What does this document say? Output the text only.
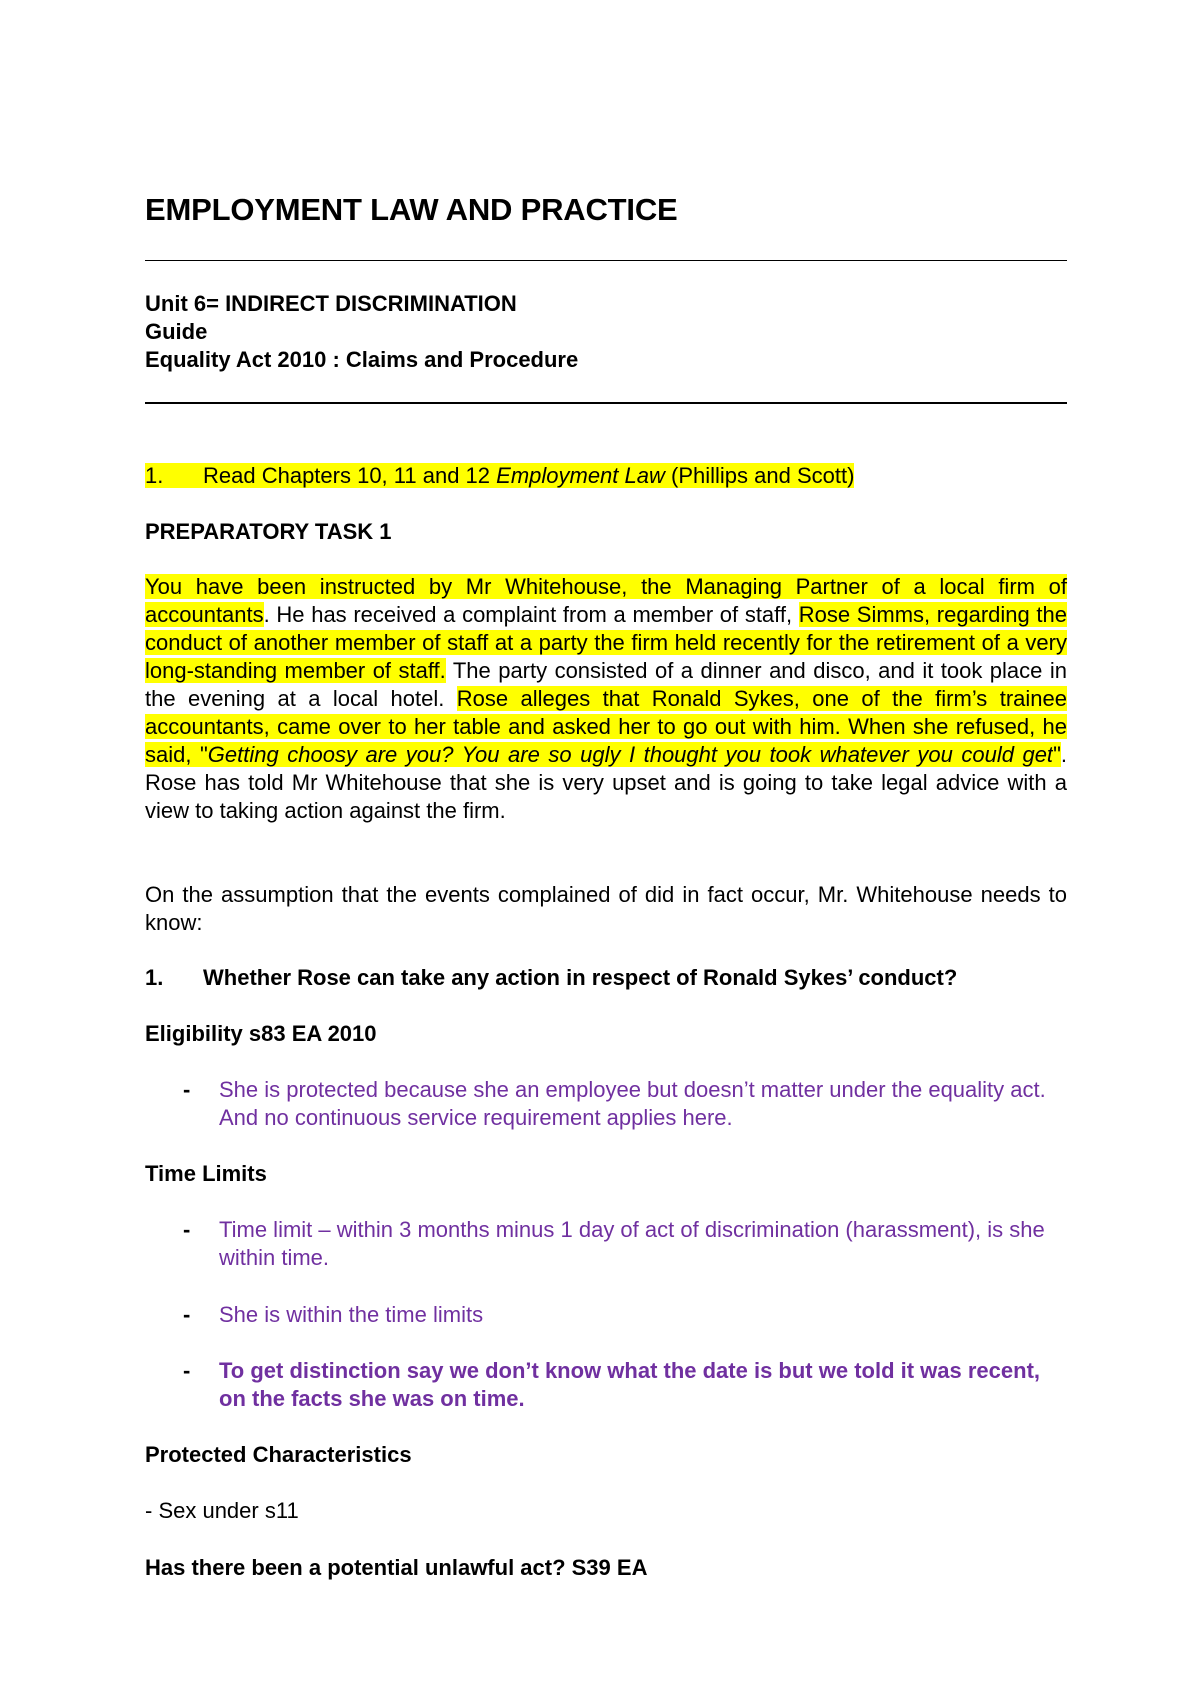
EMPLOYMENT LAW AND PRACTICE
Unit 6= INDIRECT DISCRIMINATION
Guide
Equality Act 2010 : Claims and Procedure
1. Read Chapters 10, 11 and 12 Employment Law (Phillips and Scott)
PREPARATORY TASK 1
You have been instructed by Mr Whitehouse, the Managing Partner of a local firm of accountants. He has received a complaint from a member of staff, Rose Simms, regarding the conduct of another member of staff at a party the firm held recently for the retirement of a very long-standing member of staff. The party consisted of a dinner and disco, and it took place in the evening at a local hotel. Rose alleges that Ronald Sykes, one of the firm’s trainee accountants, came over to her table and asked her to go out with him. When she refused, he said, "Getting choosy are you? You are so ugly I thought you took whatever you could get". Rose has told Mr Whitehouse that she is very upset and is going to take legal advice with a view to taking action against the firm.
On the assumption that the events complained of did in fact occur, Mr. Whitehouse needs to know:
1. Whether Rose can take any action in respect of Ronald Sykes’ conduct?
Eligibility s83 EA 2010
- She is protected because she an employee but doesn’t matter under the equality act. And no continuous service requirement applies here.
Time Limits
- Time limit – within 3 months minus 1 day of act of discrimination (harassment), is she within time.
- She is within the time limits
- To get distinction say we don’t know what the date is but we told it was recent, on the facts she was on time.
Protected Characteristics
- Sex under s11
Has there been a potential unlawful act? S39 EA
